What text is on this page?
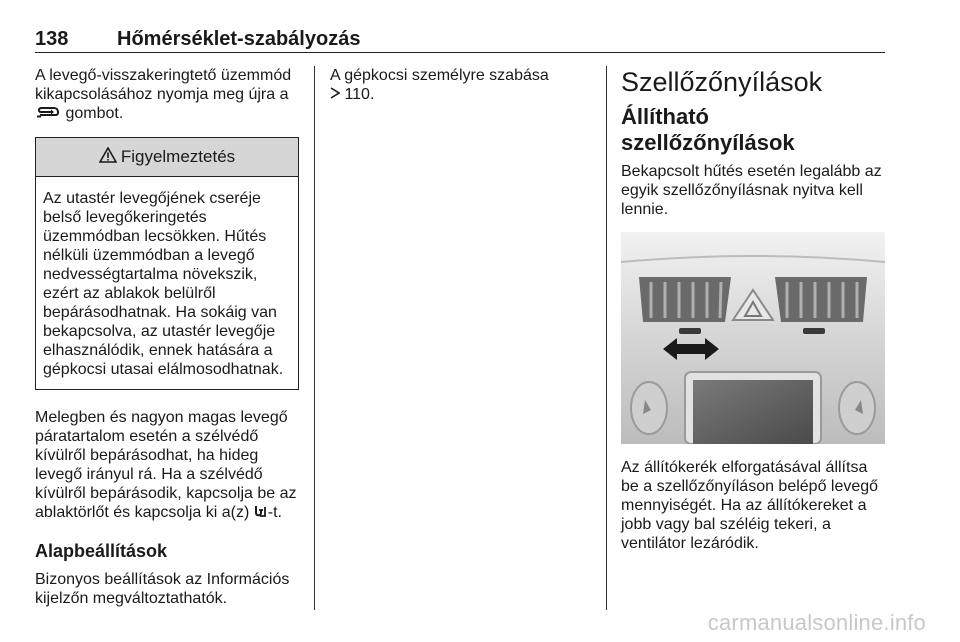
138 Hőmérséklet-szabályozás

A levegő-visszakeringtető üzemmód kikapcsolásához nyomja meg újra a
gombot.

Figyelmeztetés
Az utastér levegőjének cseréje belső levegőkeringetés üzemmódban lecsökken. Hűtés nélküli üzemmódban a levegő nedvességtartalma növekszik, ezért az ablakok belülről bepárásodhatnak. Ha sokáig van bekapcsolva, az utastér levegője elhasználódik, ennek hatására a gépkocsi utasai elálmosodhatnak.

Melegben és nagyon magas levegő páratartalom esetén a szélvédő kívülről bepárásodhat, ha hideg levegő irányul rá. Ha a szélvédő kívülről bepárásodik, kapcsolja be az ablaktörlőt és kapcsolja ki a(z) -t.

Alapbeállítások

Bizonyos beállítások az Információs kijelzőn megváltoztathatók.

A gépkocsi személyre szabása
110.	Szellőzőnyílások
Állítható szellőzőnyílások

Bekapcsolt hűtés esetén legalább az egyik szellőzőnyílásnak nyitva kell lennie.

Az állítókerék elforgatásával állítsa be a szellőzőnyíláson belépő levegő mennyiségét. Ha az állítókereket a jobb vagy bal széléig tekeri, a ventilátor lezáródik.

carmanualsonline.info
